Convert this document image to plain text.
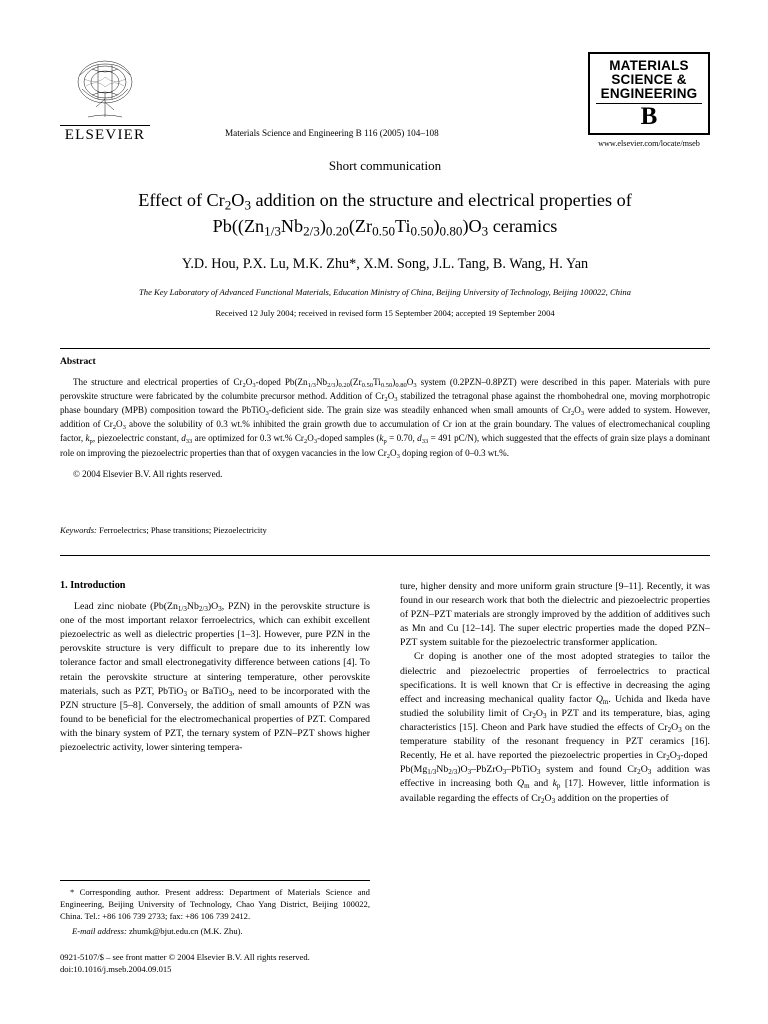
ELSEVIER	Materials Science and Engineering B 116 (2005) 104–108
MATERIALS
SCIENCE &
ENGINEERING
B
www.elsevier.com/locate/mseb
Short communication
Effect of $Cr_2O_3$ addition on the structure and electrical properties of
$Pb((Zn_{1/3}Nb_{2/3})_{0.20}(Zr_{0.50}Ti_{0.50})_{0.80})O_3$ ceramics
Y.D. Hou, P.X. Lu, M.K. Zhu*, X.M. Song, J.L. Tang, B. Wang, H. Yan
The Key Laboratory of Advanced Functional Materials, Education Ministry of China, Beijing University of Technology, Beijing 100022, China
Received 12 July 2004; received in revised form 15 September 2004; accepted 19 September 2004
Abstract

The structure and electrical properties of $Cr_2O_3$-doped $Pb(Zn_{1/3}Nb_{2/3})_{0.20}(Zr_{0.50}Ti_{0.50})_{0.80}O_3$ system (0.2PZN–0.8PZT) were described in this paper. Materials with pure perovskite structure were fabricated by the columbite precursor method. Addition of $Cr_2O_3$ stabilized the tetragonal phase against the rhombohedral one, moving morphotropic phase boundary (MPB) composition toward the PbTiO$_3$-deficient side. The grain size was steadily enhanced when small amounts of $Cr_2O_3$ were added to system. However, addition of $Cr_2O_3$ above the solubility of 0.3 wt.% inhibited the grain growth due to accumulation of Cr ion at the grain boundary. The values of electromechanical coupling factor, $k_p$, piezoelectric constant, $d_{33}$ are optimized for 0.3 wt.% $Cr_2O_3$-doped samples ($k_p = 0.70$, $d_{33} = 491$ pC/N), which suggested that the effects of grain size plays a dominant role on improving the piezoelectric properties than that of oxygen vacancies in the low $Cr_2O_3$ doping region of 0–0.3 wt.%.

© 2004 Elsevier B.V. All rights reserved.

Keywords: Ferroelectrics; Phase transitions; Piezoelectricity
1. Introduction

Lead zinc niobate ($Pb(Zn_{1/3}Nb_{2/3})O_3$, PZN) in the perovskite structure is one of the most important relaxor ferroelectrics, which can exhibit excellent piezoelectric as well as dielectric properties [1–3]. However, pure PZN in the perovskite structure is very difficult to prepare due to its inherently low tolerance factor and small electronegativity difference between cations [4]. To retain the perovskite structure at sintering temperature, other perovskite materials, such as PZT, PbTiO$_3$ or BaTiO$_3$, need to be incorporated with the PZN structure [5–8]. Conversely, the addition of small amounts of PZN was found to be beneficial for the electromechanical properties of PZT. Compared with the binary system of PZT, the ternary system of PZN–PZT shows higher piezoelectric activity, lower sintering tempera-

ture, higher density and more uniform grain structure [9–11]. Recently, it was found in our research work that both the dielectric and piezoelectric properties of PZN–PZT materials are strongly improved by the addition of additives such as Mn and Cu [12–14]. The super electric properties made the doped PZN–PZT system suitable for the piezoelectric transformer application.

Cr doping is another one of the most adopted strategies to tailor the dielectric and piezoelectric properties of ferroelectrics to practical specifications. It is well known that Cr is effective in decreasing the aging effect and increasing mechanical quality factor $Q_m$. Uchida and Ikeda have studied the solubility limit of $Cr_2O_3$ in PZT and its temperature, bias, aging characteristics [15]. Cheon and Park have studied the effects of $Cr_2O_3$ on the temperature stability of the resonant frequency in PZT ceramics [16]. Recently, He et al. have reported the piezoelectric properties in $Cr_2O_3$-doped  $Pb(Mg_{1/3}Nb_{2/3})O_3-PbZrO_3-PbTiO_3$ system and found $Cr_2O_3$ addition was effective in increasing both $Q_m$ and $k_p$ [17]. However, little information is available regarding the effects of $Cr_2O_3$ addition on the properties of

* Corresponding author. Present address: Department of Materials Science and Engineering, Beijing University of Technology, Chao Yang District, Beijing 100022, China. Tel.: +86 106 739 2733; fax: +86 106 739 2412.

E-mail address: zhumk@bjut.edu.cn (M.K. Zhu).

0921-5107/$ – see front matter © 2004 Elsevier B.V. All rights reserved.
doi:10.1016/j.mseb.2004.09.015
